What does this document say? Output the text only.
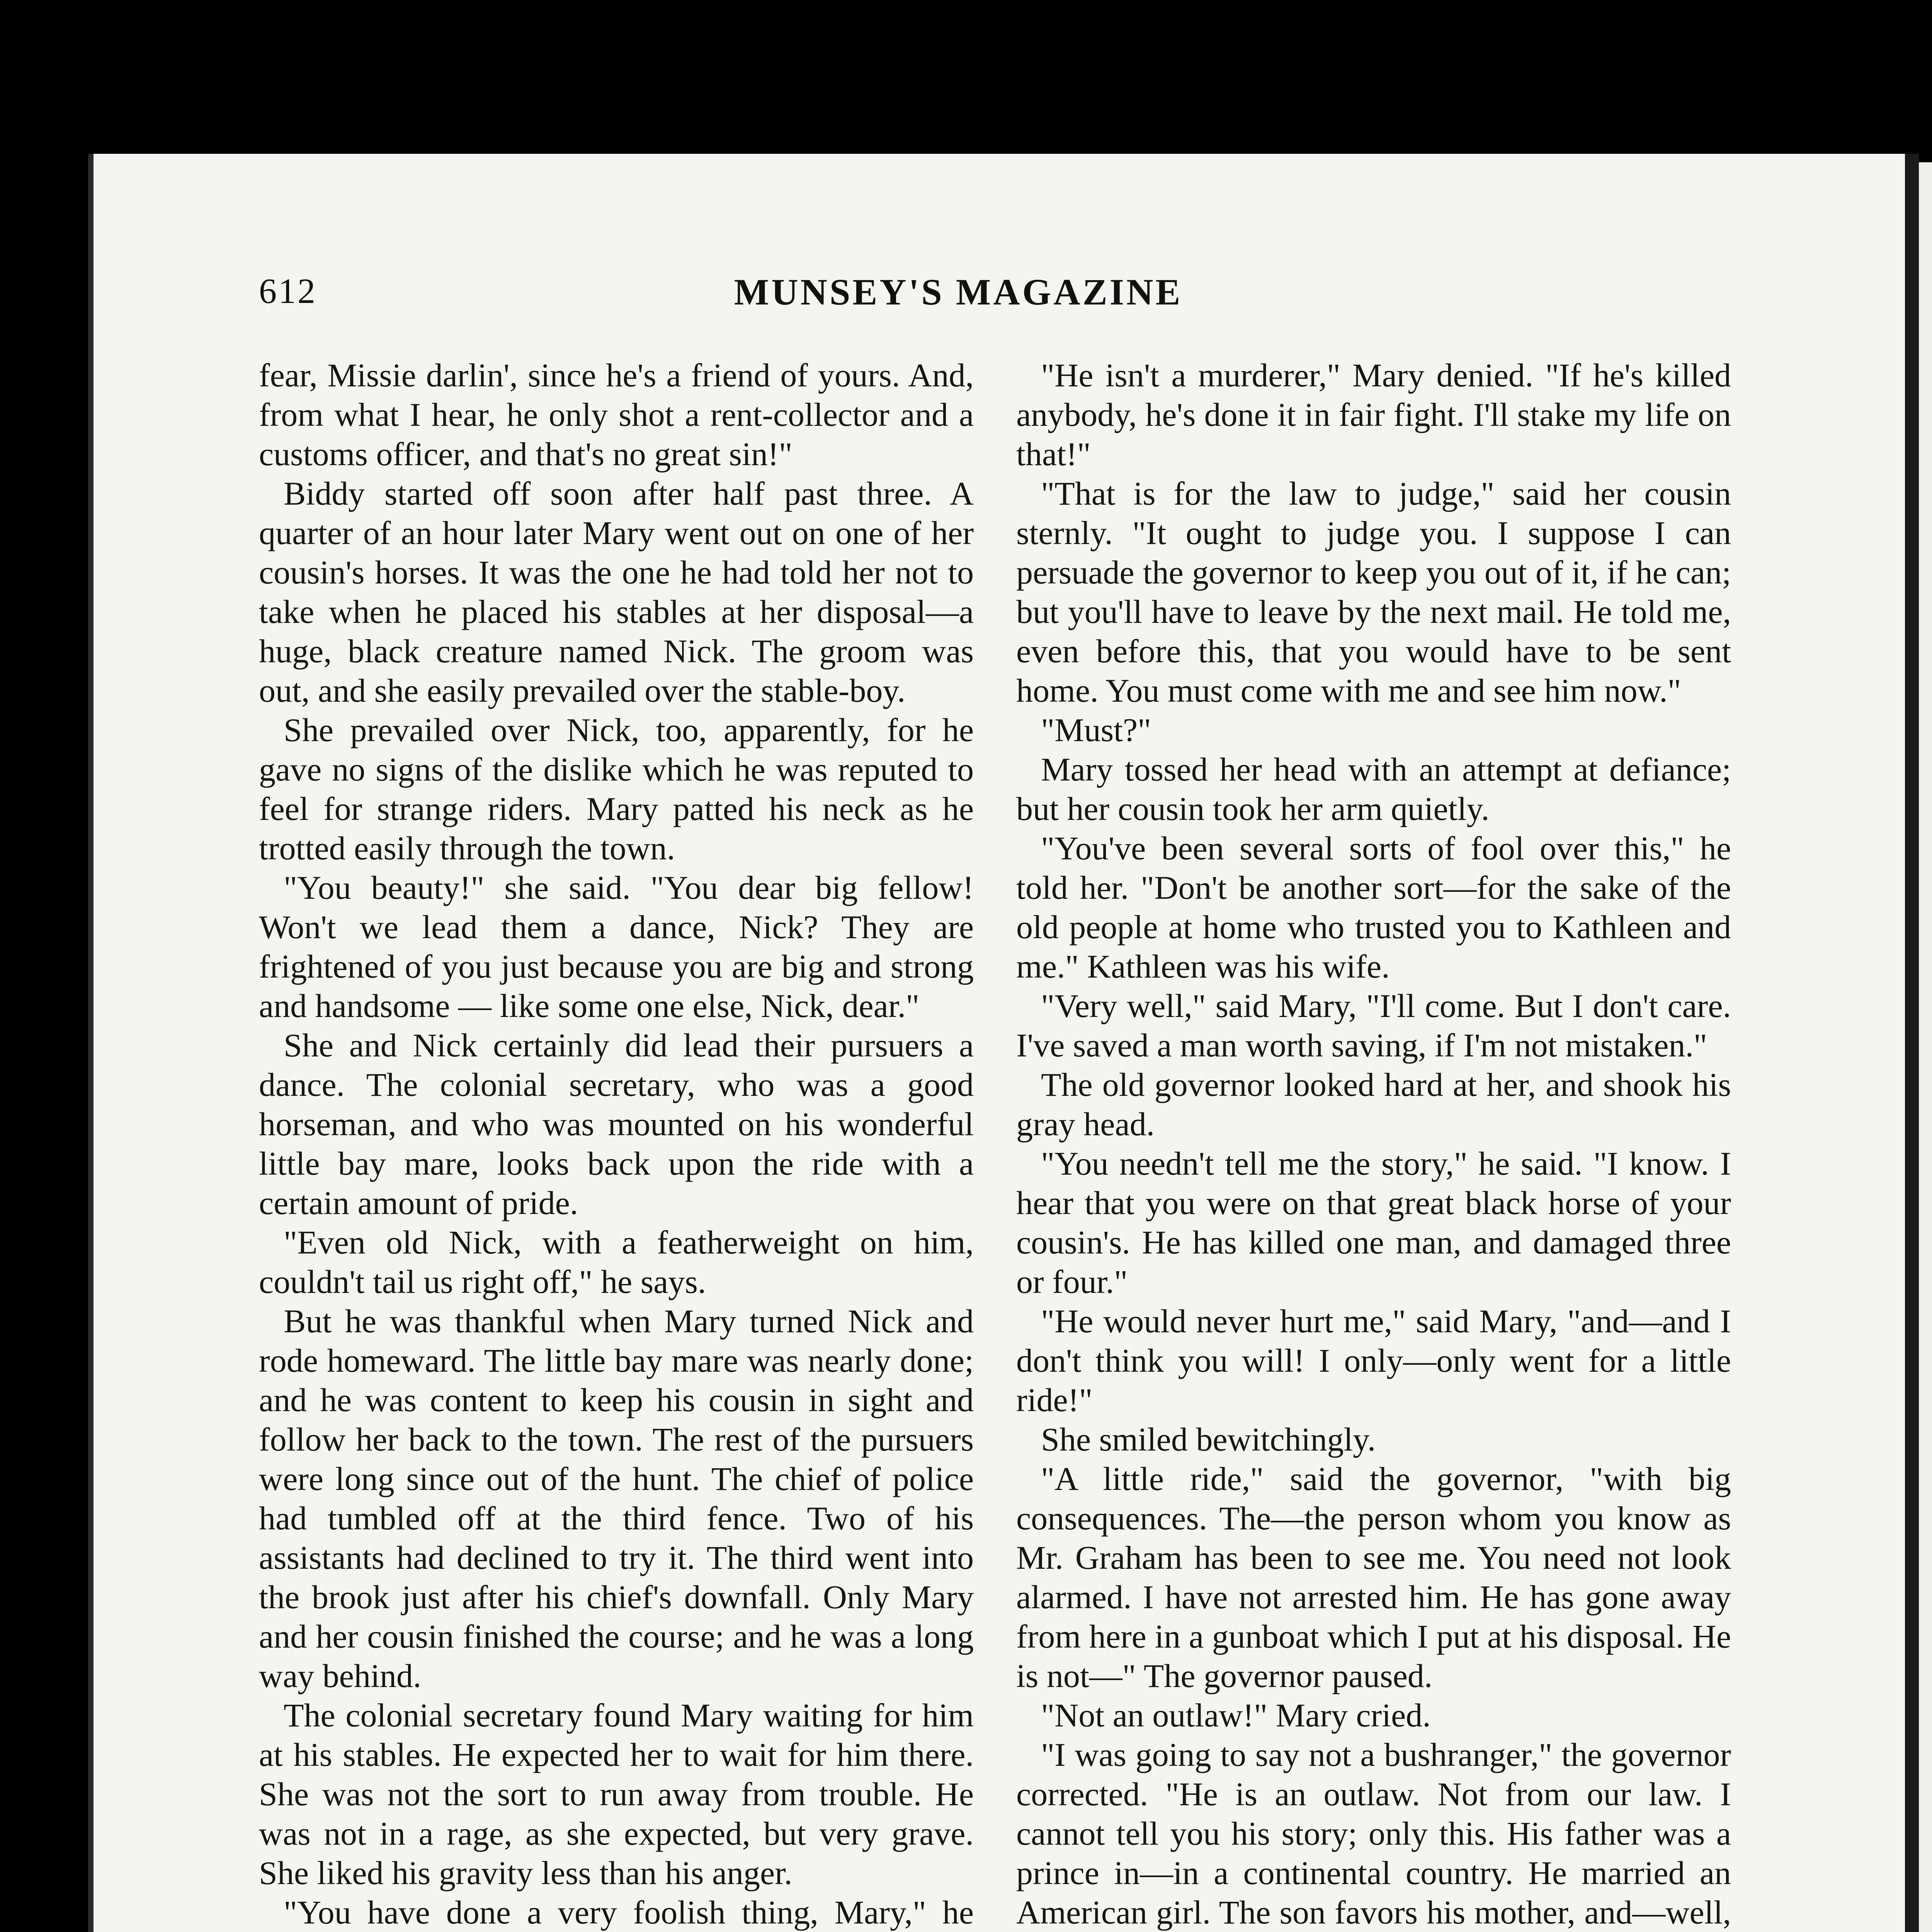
612	MUNSEY'S MAGAZINE

fear, Missie darlin', since he's a friend of yours. And, from what I hear, he only shot a rent-collector and a customs officer, and that's no great sin!"

Biddy started off soon after half past three. A quarter of an hour later Mary went out on one of her cousin's horses. It was the one he had told her not to take when he placed his stables at her disposal—a huge, black creature named Nick. The groom was out, and she easily prevailed over the stable-boy.

She prevailed over Nick, too, apparently, for he gave no signs of the dislike which he was reputed to feel for strange riders. Mary patted his neck as he trotted easily through the town.

"You beauty!" she said. "You dear big fellow! Won't we lead them a dance, Nick? They are frightened of you just because you are big and strong and handsome — like some one else, Nick, dear."

She and Nick certainly did lead their pursuers a dance. The colonial secretary, who was a good horseman, and who was mounted on his wonderful little bay mare, looks back upon the ride with a certain amount of pride.

"Even old Nick, with a featherweight on him, couldn't tail us right off," he says.

But he was thankful when Mary turned Nick and rode homeward. The little bay mare was nearly done; and he was content to keep his cousin in sight and follow her back to the town. The rest of the pursuers were long since out of the hunt. The chief of police had tumbled off at the third fence. Two of his assistants had declined to try it. The third went into the brook just after his chief's downfall. Only Mary and her cousin finished the course; and he was a long way behind.

The colonial secretary found Mary waiting for him at his stables. He expected her to wait for him there. She was not the sort to run away from trouble. He was not in a rage, as she expected, but very grave. She liked his gravity less than his anger.

"You have done a very foolish thing, Mary," he

"He isn't a murderer," Mary denied. "If he's killed anybody, he's done it in fair fight. I'll stake my life on that!"

"That is for the law to judge," said her cousin sternly. "It ought to judge you. I suppose I can persuade the governor to keep you out of it, if he can; but you'll have to leave by the next mail. He told me, even before this, that you would have to be sent home. You must come with me and see him now."

"Must?"

Mary tossed her head with an attempt at defiance; but her cousin took her arm quietly.

"You've been several sorts of fool over this," he told her. "Don't be another sort—for the sake of the old people at home who trusted you to Kathleen and me." Kathleen was his wife.

"Very well," said Mary, "I'll come. But I don't care. I've saved a man worth saving, if I'm not mistaken."

The old governor looked hard at her, and shook his gray head.

"You needn't tell me the story," he said. "I know. I hear that you were on that great black horse of your cousin's. He has killed one man, and damaged three or four."

"He would never hurt me," said Mary, "and—and I don't think you will! I only—only went for a little ride!"

She smiled bewitchingly.

"A little ride," said the governor, "with big consequences. The—the person whom you know as Mr. Graham has been to see me. You need not look alarmed. I have not arrested him. He has gone away from here in a gunboat which I put at his disposal. He is not—" The governor paused.

"Not an outlaw!" Mary cried.

"I was going to say not a bushranger," the governor corrected. "He is an outlaw. Not from our law. I cannot tell you his story; only this. His father was a prince in—in a continental country. He married an American girl. The son favors his mother, and—well,
